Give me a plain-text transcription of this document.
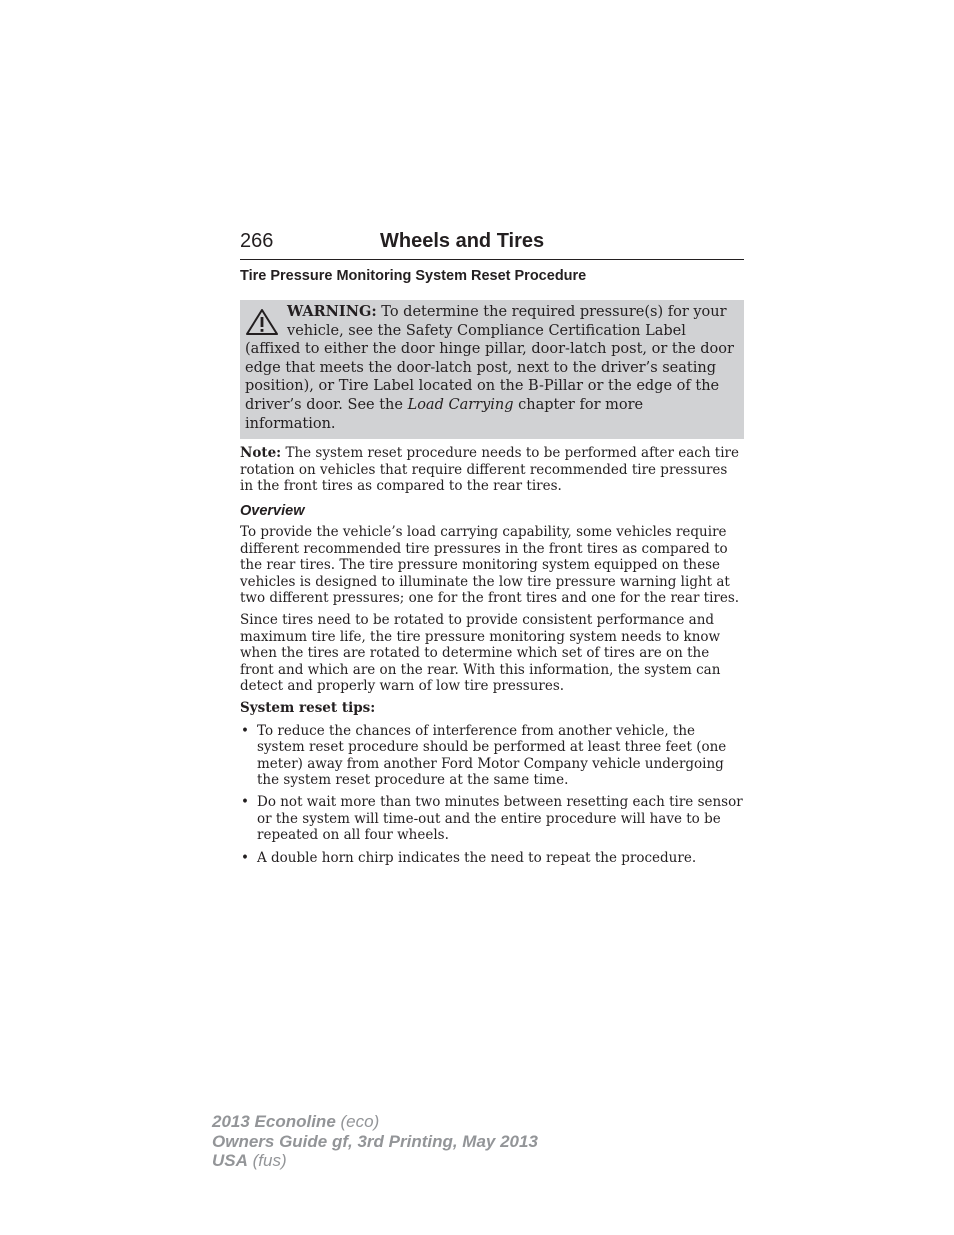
266	Wheels and Tires
Tire Pressure Monitoring System Reset Procedure
WARNING: To determine the required pressure(s) for your vehicle, see the Safety Compliance Certification Label (affixed to either the door hinge pillar, door-latch post, or the door edge that meets the door-latch post, next to the driver’s seating position), or Tire Label located on the B-Pillar or the edge of the driver’s door. See the Load Carrying chapter for more information.

Note: The system reset procedure needs to be performed after each tire rotation on vehicles that require different recommended tire pressures in the front tires as compared to the rear tires.

Overview

To provide the vehicle’s load carrying capability, some vehicles require different recommended tire pressures in the front tires as compared to the rear tires. The tire pressure monitoring system equipped on these vehicles is designed to illuminate the low tire pressure warning light at two different pressures; one for the front tires and one for the rear tires.

Since tires need to be rotated to provide consistent performance and maximum tire life, the tire pressure monitoring system needs to know when the tires are rotated to determine which set of tires are on the front and which are on the rear. With this information, the system can detect and properly warn of low tire pressures.

System reset tips:
• To reduce the chances of interference from another vehicle, the system reset procedure should be performed at least three feet (one meter) away from another Ford Motor Company vehicle undergoing the system reset procedure at the same time.
• Do not wait more than two minutes between resetting each tire sensor or the system will time-out and the entire procedure will have to be repeated on all four wheels.
• A double horn chirp indicates the need to repeat the procedure.
2013 Econoline (eco)
Owners Guide gf, 3rd Printing, May 2013
USA (fus)
